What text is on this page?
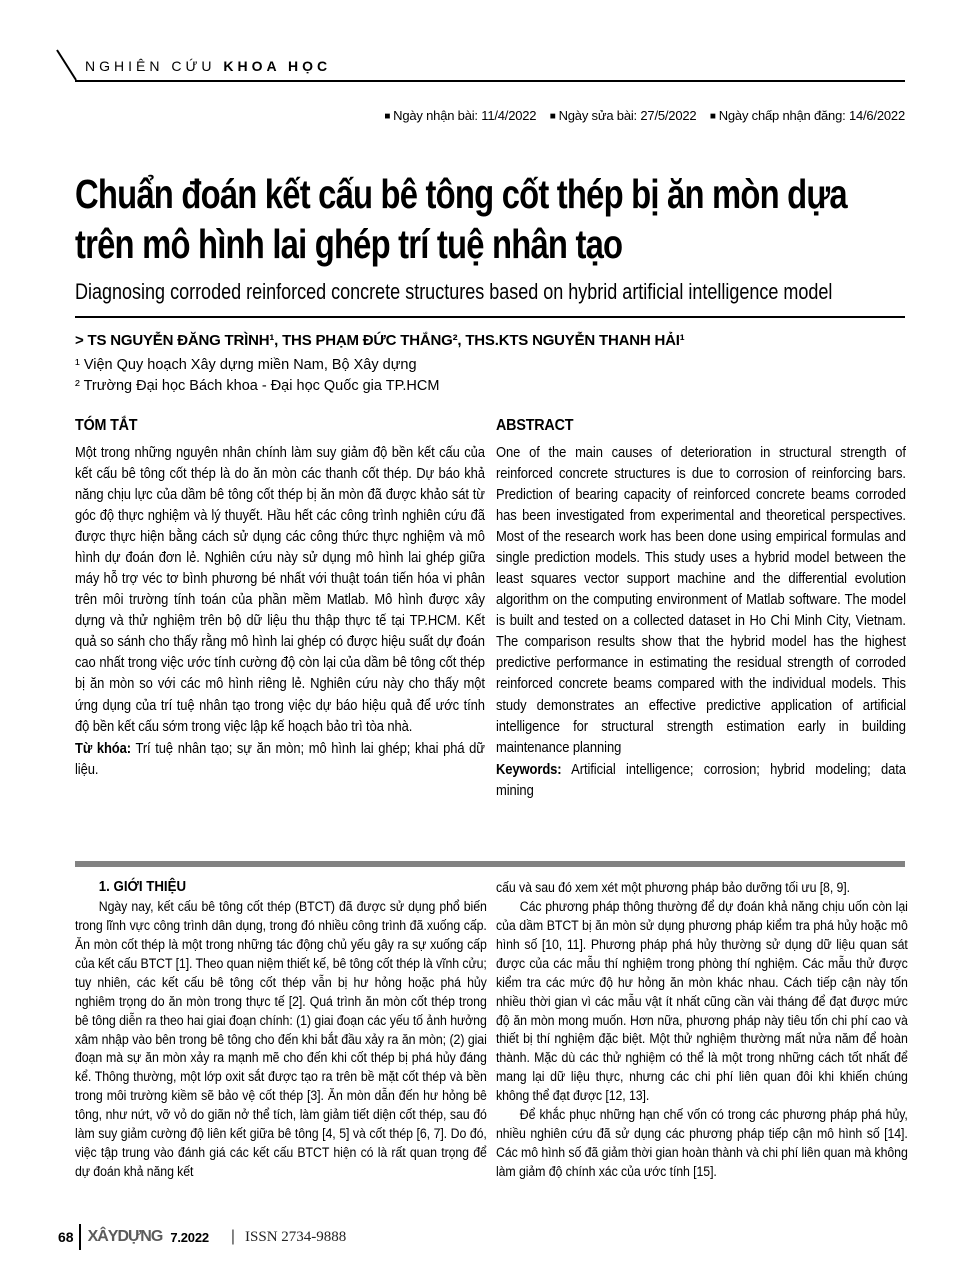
NGHIÊN CỨU KHOA HỌC
■ Ngày nhận bài: 11/4/2022 ■ Ngày sửa bài: 27/5/2022 ■ Ngày chấp nhận đăng: 14/6/2022
Chuẩn đoán kết cấu bê tông cốt thép bị ăn mòn dựa trên mô hình lai ghép trí tuệ nhân tạo
Diagnosing corroded reinforced concrete structures based on hybrid artificial intelligence model
> TS NGUYỄN ĐĂNG TRÌNH¹, THS PHẠM ĐỨC THẮNG², THS.KTS NGUYỄN THANH HẢI¹
¹ Viện Quy hoạch Xây dựng miền Nam, Bộ Xây dựng
² Trường Đại học Bách khoa - Đại học Quốc gia TP.HCM
TÓM TẮT

Một trong những nguyên nhân chính làm suy giảm độ bền kết cấu của kết cấu bê tông cốt thép là do ăn mòn các thanh cốt thép. Dự báo khả năng chịu lực của dầm bê tông cốt thép bị ăn mòn đã được khảo sát từ góc độ thực nghiệm và lý thuyết. Hầu hết các công trình nghiên cứu đã được thực hiện bằng cách sử dụng các công thức thực nghiệm và mô hình dự đoán đơn lẻ. Nghiên cứu này sử dụng mô hình lai ghép giữa máy hỗ trợ véc tơ bình phương bé nhất với thuật toán tiến hóa vi phân trên môi trường tính toán của phần mềm Matlab. Mô hình được xây dựng và thử nghiệm trên bộ dữ liệu thu thập thực tế tại TP.HCM. Kết quả so sánh cho thấy rằng mô hình lai ghép có được hiệu suất dự đoán cao nhất trong việc ước tính cường độ còn lại của dầm bê tông cốt thép bị ăn mòn so với các mô hình riêng lẻ. Nghiên cứu này cho thấy một ứng dụng của trí tuệ nhân tạo trong việc dự báo hiệu quả để ước tính độ bền kết cấu sớm trong việc lập kế hoạch bảo trì tòa nhà.

Từ khóa: Trí tuệ nhân tạo; sự ăn mòn; mô hình lai ghép; khai phá dữ liệu.

ABSTRACT

One of the main causes of deterioration in structural strength of reinforced concrete structures is due to corrosion of reinforcing bars. Prediction of bearing capacity of reinforced concrete beams corroded has been investigated from experimental and theoretical perspectives. Most of the research work has been done using empirical formulas and single prediction models. This study uses a hybrid model between the least squares vector support machine and the differential evolution algorithm on the computing environment of Matlab software. The model is built and tested on a collected dataset in Ho Chi Minh City, Vietnam. The comparison results show that the hybrid model has the highest predictive performance in estimating the residual strength of corroded reinforced concrete beams compared with the individual models. This study demonstrates an effective predictive application of artificial intelligence for structural strength estimation early in building maintenance planning

Keywords: Artificial intelligence; corrosion; hybrid modeling; data mining

1. GIỚI THIỆU

Ngày nay, kết cấu bê tông cốt thép (BTCT) đã được sử dụng phổ biến trong lĩnh vực công trình dân dụng, trong đó nhiều công trình đã xuống cấp. Ăn mòn cốt thép là một trong những tác động chủ yếu gây ra sự xuống cấp của kết cấu BTCT [1]. Theo quan niệm thiết kế, bê tông cốt thép là vĩnh cửu; tuy nhiên, các kết cấu bê tông cốt thép vẫn bị hư hỏng hoặc phá hủy nghiêm trọng do ăn mòn trong thực tế [2]. Quá trình ăn mòn cốt thép trong bê tông diễn ra theo hai giai đoạn chính: (1) giai đoạn các yếu tố ảnh hưởng xâm nhập vào bên trong bê tông cho đến khi bắt đầu xảy ra ăn mòn; (2) giai đoạn mà sự ăn mòn xảy ra mạnh mẽ cho đến khi cốt thép bị phá hủy đáng kể. Thông thường, một lớp oxit sắt được tạo ra trên bề mặt cốt thép và bền trong môi trường kiềm sẽ bảo vệ cốt thép [3]. Ăn mòn dẫn đến hư hỏng bê tông, như nứt, vỡ vỏ do giãn nở thể tích, làm giảm tiết diện cốt thép, sau đó làm suy giảm cường độ liên kết giữa bê tông [4, 5] và cốt thép [6, 7]. Do đó, việc tập trung vào đánh giá các kết cấu BTCT hiện có là rất quan trọng để dự đoán khả năng kết

cấu và sau đó xem xét một phương pháp bảo dưỡng tối ưu [8, 9].

Các phương pháp thông thường để dự đoán khả năng chịu uốn còn lại của dầm BTCT bị ăn mòn sử dụng phương pháp kiểm tra phá hủy hoặc mô hình số [10, 11]. Phương pháp phá hủy thường sử dụng dữ liệu quan sát được của các mẫu thí nghiệm trong phòng thí nghiệm. Các mẫu thử được kiểm tra các mức độ hư hỏng ăn mòn khác nhau. Cách tiếp cận này tốn nhiều thời gian vì các mẫu vật ít nhất cũng cần vài tháng để đạt được mức độ ăn mòn mong muốn. Hơn nữa, phương pháp này tiêu tốn chi phí cao và thiết bị thí nghiệm đặc biệt. Một thử nghiệm thường mất nửa năm để hoàn thành. Mặc dù các thử nghiệm có thể là một trong những cách tốt nhất để mang lại dữ liệu thực, nhưng các chi phí liên quan đôi khi khiến chúng không thể đạt được [12, 13].

Để khắc phục những hạn chế vốn có trong các phương pháp phá hủy, nhiều nghiên cứu đã sử dụng các phương pháp tiếp cận mô hình số [14]. Các mô hình số đã giảm thời gian hoàn thành và chi phí liên quan mà không làm giảm độ chính xác của ước tính [15].

68 XÂYDỰNG 7.2022 | ISSN 2734-9888
